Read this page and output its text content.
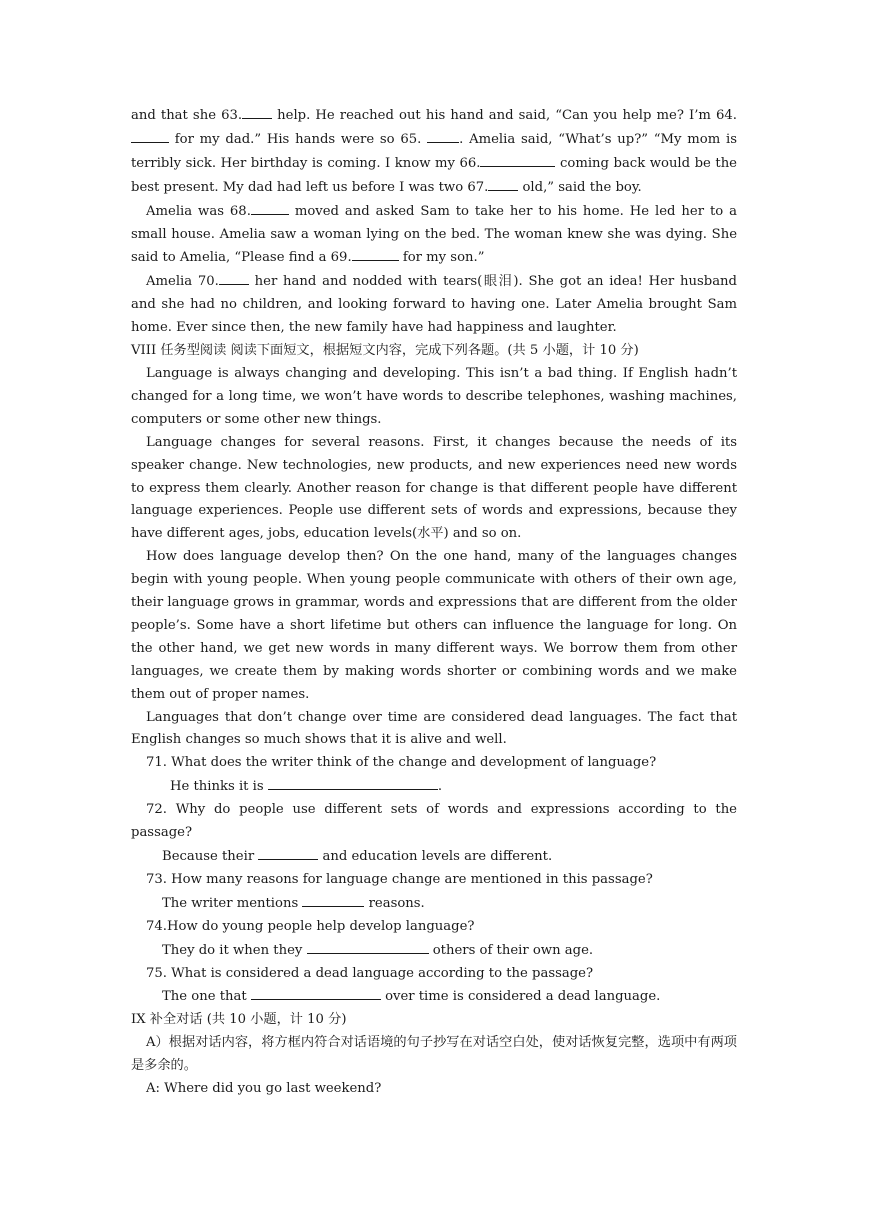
and that she 63. help. He reached out his hand and said, “Can you help me? I’m 64.  for my dad.” His hands were so 65. . Amelia said, “What’s up?” “My mom is terribly sick. Her birthday is coming. I know my 66.	coming back would be the best present. My dad had left us before I was two 67. old,” said the boy.

Amelia was 68.	moved and asked Sam to take her to his home. He led her to a small house. Amelia saw a woman lying on the bed. The woman knew she was dying. She said to Amelia, “Please find a 69.	for my son.”

Amelia 70. her hand and nodded with tears(眼泪). She got an idea! Her husband and she had no children, and looking forward to having one. Later Amelia brought Sam home. Ever since then, the new family have had happiness and laughter.

VIII 任务型阅读 阅读下面短文，根据短文内容，完成下列各题。(共 5 小题，计 10 分)

Language is always changing and developing. This isn’t a bad thing. If English hadn’t changed for a long time, we won’t have words to describe telephones, washing machines, computers or some other new things.

Language changes for several reasons. First, it changes because the needs of its speaker change. New technologies, new products, and new experiences need new words to express them clearly. Another reason for change is that different people have different language experiences. People use different sets of words and expressions, because they have different ages, jobs, education levels(水平) and so on.

How does language develop then? On the one hand, many of the languages changes begin with young people. When young people communicate with others of their own age, their language grows in grammar, words and expressions that are different from the older people’s. Some have a short lifetime but others can influence the language for long. On the other hand, we get new words in many different ways. We borrow them from other languages, we create them by making words shorter or combining words and we make them out of proper names.

Languages that don’t change over time are considered dead languages. The fact that English changes so much shows that it is alive and well.

71. What does the writer think of the change and development of language?

He thinks it is	.

72. Why do people use different sets of words and expressions according to the passage?

Because their	and education levels are different.

73. How many reasons for language change are mentioned in this passage?

The writer mentions	reasons.

74.How do young people help develop language?

They do it when they	others of their own age.

75. What is considered a dead language according to the passage?

The one that	over time is considered a dead language.

IX 补全对话 (共 10 小题，计 10 分)

A）根据对话内容，将方框内符合对话语境的句子抄写在对话空白处，使对话恢复完整，选项中有两项是多余的。

A: Where did you go last weekend?
